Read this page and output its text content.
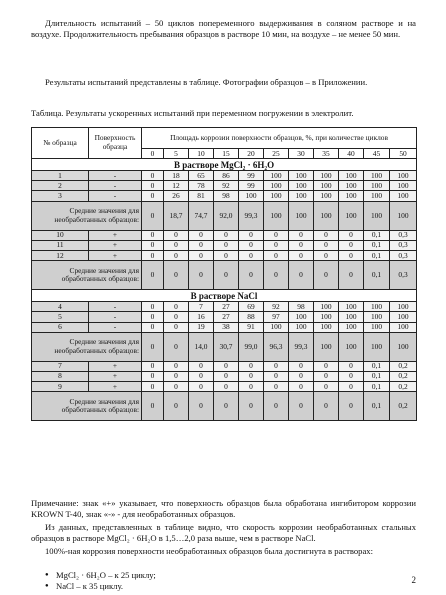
Длительность испытаний – 50 циклов попеременного выдерживания в соляном растворе и на воздухе. Продолжительность пребывания образцов в растворе 10 мин, на воздухе – не менее 50 мин.

Результаты испытаний представлены в таблице. Фотографии образцов – в Приложении.

Таблица. Результаты ускоренных испытаний при переменном погружении в электролит.

№ образца	Поверхность образца	Площадь коррозии поверхности образцов, %, при количестве циклов										
		0	5	10	15	20	25	30	35	40	45	50
В растворе MgCl₂ · 6H₂O												
1	-	0	18	65	86	99	100	100	100	100	100	100
2	-	0	12	78	92	99	100	100	100	100	100	100
3	-	0	26	81	98	100	100	100	100	100	100	100
Средние значения для необработанных образцов:		0	18,7	74,7	92,0	99,3	100	100	100	100	100	100
10	+	0	0	0	0	0	0	0	0	0	0,1	0,3
11	+	0	0	0	0	0	0	0	0	0	0,1	0,3
12	+	0	0	0	0	0	0	0	0	0	0,1	0,3
Средние значения для обработанных образцов:		0	0	0	0	0	0	0	0	0	0,1	0,3
В растворе NaCl												
4	-	0	0	7	27	69	92	98	100	100	100	100
5	-	0	0	16	27	88	97	100	100	100	100	100
6	-	0	0	19	38	91	100	100	100	100	100	100
Средние значения для необработанных образцов:		0	0	14,0	30,7	99,0	96,3	99,3	100	100	100	100
7	+	0	0	0	0	0	0	0	0	0	0,1	0,2
8	+	0	0	0	0	0	0	0	0	0	0,1	0,2
9	+	0	0	0	0	0	0	0	0	0	0,1	0,2
Средние значения для обработанных образцов:		0	0	0	0	0	0	0	0	0	0,1	0,2

Примечание: знак «+» указывает, что поверхность образцов была обработана ингибитором коррозии KROWN T-40, знак «-» - для необработанных образцов.

Из данных, представленных в таблице видно, что скорость коррозии необработанных стальных образцов в растворе MgCl₂ · 6H₂O в 1,5…2,0 раза выше, чем в растворе NaCl.

100%-ная коррозия поверхности необработанных образцов была достигнута в растворах:

● MgCl₂ · 6H₂O – к 25 циклу;
● NaCl – к 35 циклу.
2
